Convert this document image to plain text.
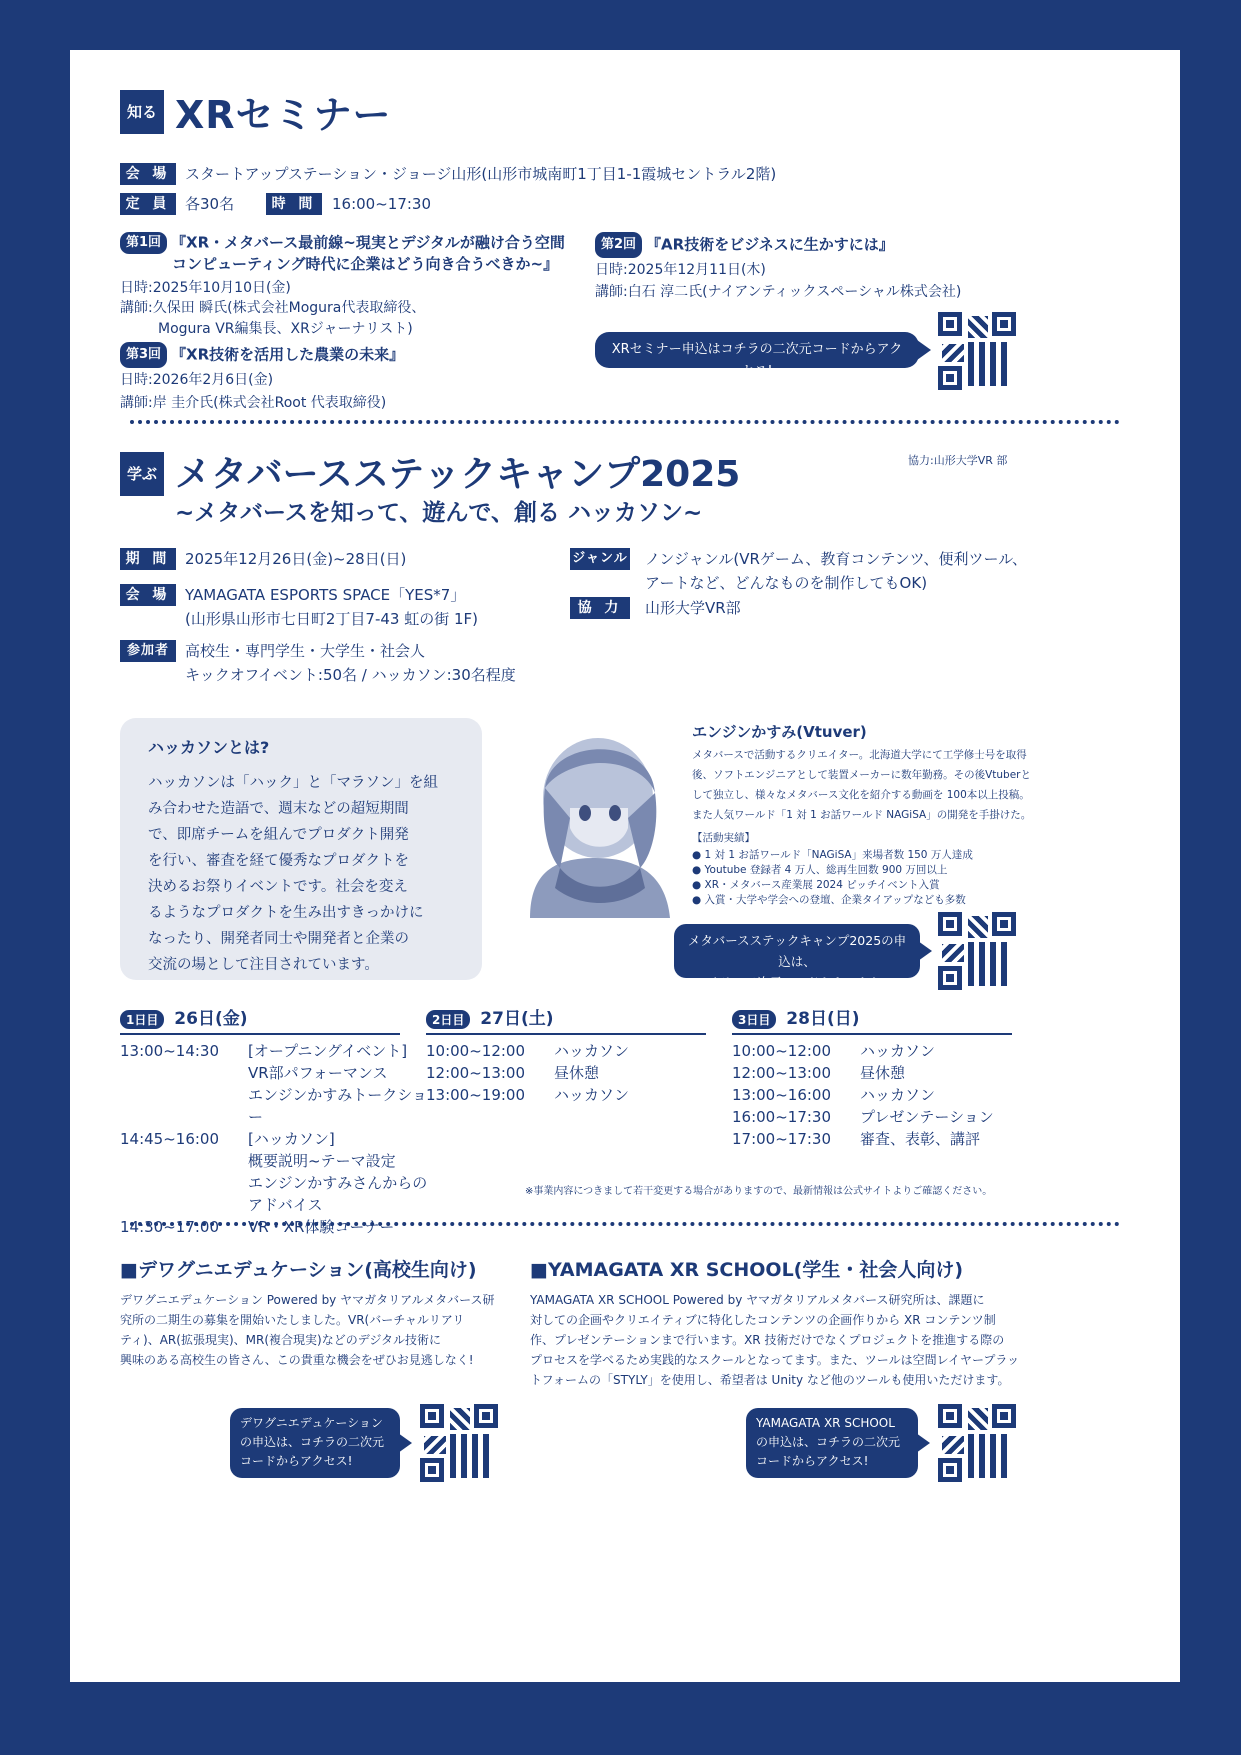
知る XRセミナー
会 場 スタートアップステーション・ジョージ山形(山形市城南町1丁目1-1霞城セントラル2階)
定 員 各30名	時 間	16:00~17:30
第1回 『XR・メタバース最前線~現実とデジタルが融け合う空間
コンピューティング時代に企業はどう向き合うべきか~』
日時:2025年10月10日(金)
講師:久保田 瞬氏(株式会社Mogura代表取締役、
Mogura VR編集長、XRジャーナリスト)
第3回 『XR技術を活用した農業の未来』
日時:2026年2月6日(金)
講師:岸 圭介氏(株式会社Root 代表取締役)
第2回 『AR技術をビジネスに生かすには』
日時:2025年12月11日(木)
講師:白石 淳二氏(ナイアンティックスペーシャル株式会社)
XRセミナー申込はコチラの二次元コードからアクセス!
学ぶ メタバースステックキャンプ2025
~メタバースを知って、遊んで、創る ハッカソン~
協力:山形大学VR 部
期 間 2025年12月26日(金)~28日(日)
会 場 YAMAGATA ESPORTS SPACE「YES*7」
(山形県山形市七日町2丁目7-43 虹の街 1F)
参加者	高校生・専門学生・大学生・社会人
キックオフイベント:50名 / ハッカソン:30名程度
ジャンル ノンジャンル(VRゲーム、教育コンテンツ、便利ツール、
アートなど、どんなものを制作してもOK)
協 力	山形大学VR部
ハッカソンとは?
ハッカソンは「ハック」と「マラソン」を組
み合わせた造語で、週末などの超短期間
で、即席チームを組んでプロダクト開発
を行い、審査を経て優秀なプロダクトを
決めるお祭りイベントです。社会を変え
るようなプロダクトを生み出すきっかけに
なったり、開発者同士や開発者と企業の
交流の場として注目されています。
エンジンかすみ(Vtuver)
メタバースで活動するクリエイター。北海道大学にて工学修士号を取得
後、ソフトエンジニアとして装置メーカーに数年勤務。その後Vtuberと
して独立し、様々なメタバース文化を紹介する動画を 100本以上投稿。
また人気ワールド「1 対 1 お話ワールド NAGiSA」の開発を手掛けた。
【活動実績】
● 1 対 1 お話ワールド「NAGiSA」来場者数 150 万人達成
● Youtube 登録者 4 万人、総再生回数 900 万回以上
● XR・メタバース産業展 2024 ピッチイベント入賞
● 入賞・大学や学会への登壇、企業タイアップなども多数
メタバースステックキャンプ2025の申込は、
コチラの二次元コードからアクセス!
1日目 26日(金)
13:00~14:30	[オープニングイベント]
VR部パフォーマンス
エンジンかすみトークショー
14:45~16:00	[ハッカソン]
概要説明~テーマ設定
エンジンかすみさんからの
アドバイス
14:30~17:00	VR・XR体験コーナー
2日目 27日(土)
10:00~12:00	ハッカソン
12:00~13:00	昼休憩
13:00~19:00	ハッカソン
3日目 28日(日)
10:00~12:00	ハッカソン
12:00~13:00	昼休憩
13:00~16:00	ハッカソン
16:00~17:30	プレゼンテーション
17:00~17:30	審査、表彰、講評
※事業内容につきまして若干変更する場合がありますので、最新情報は公式サイトよりご確認ください。
■デワグニエデュケーション(高校生向け)
デワグニエデュケーション Powered by ヤマガタリアルメタバース研
究所の二期生の募集を開始いたしました。VR(バーチャルリアリ
ティ)、AR(拡張現実)、MR(複合現実)などのデジタル技術に
興味のある高校生の皆さん、この貴重な機会をぜひお見逃しなく!
デワグニエデュケーション
の申込は、コチラの二次元
コードからアクセス!
■YAMAGATA XR SCHOOL(学生・社会人向け)
YAMAGATA XR SCHOOL Powered by ヤマガタリアルメタバース研究所は、課題に
対しての企画やクリエイティブに特化したコンテンツの企画作りから XR コンテンツ制
作、プレゼンテーションまで行います。XR 技術だけでなくプロジェクトを推進する際の
プロセスを学べるため実践的なスクールとなってます。また、ツールは空間レイヤープラッ
トフォームの「STYLY」を使用し、希望者は Unity など他のツールも使用いただけます。
YAMAGATA XR SCHOOL
の申込は、コチラの二次元
コードからアクセス!
